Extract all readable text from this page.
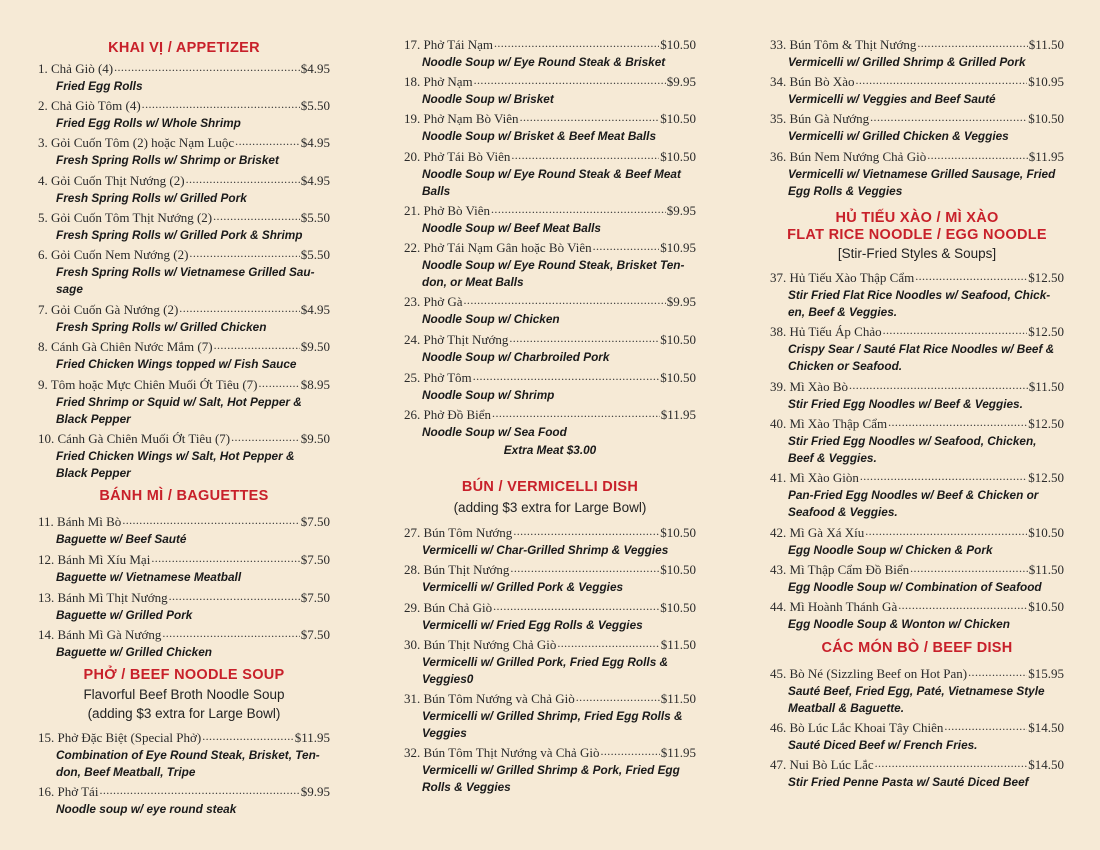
KHAI VỊ / APPETIZER
1. Chả Giò (4) .....	$4.95
Fried Egg Rolls
2. Chả Giò Tôm (4) .....	$5.50
Fried Egg Rolls w/ Whole Shrimp
3. Gỏi Cuốn Tôm (2) hoặc Nạm Luộc .....	$4.95
Fresh Spring Rolls w/ Shrimp or Brisket
4. Gỏi Cuốn Thịt Nướng (2) .....	$4.95
Fresh Spring Rolls w/ Grilled Pork
5. Gỏi Cuốn Tôm Thịt Nướng (2) .....	$5.50
Fresh Spring Rolls w/ Grilled Pork & Shrimp
6. Gỏi Cuốn Nem Nướng (2) .....	$5.50
Fresh Spring Rolls w/ Vietnamese Grilled Sau-
sage
7. Gỏi Cuốn Gà Nướng (2) .....	$4.95
Fresh Spring Rolls w/ Grilled Chicken
8. Cánh Gà Chiên Nước Mắm (7) .....	$9.50
Fried Chicken Wings topped w/ Fish Sauce
9. Tôm hoặc Mực Chiên Muối Ớt Tiêu (7) .....	$8.95
Fried Shrimp or Squid w/ Salt, Hot Pepper &
Black Pepper
10. Cánh Gà Chiên Muối Ớt Tiêu (7) .....	$9.50
Fried Chicken Wings w/ Salt, Hot Pepper &
Black Pepper
BÁNH MÌ / BAGUETTES
11. Bánh Mì Bò .....	$7.50
Baguette w/ Beef Sauté
12. Bánh Mì Xíu Mại .....	$7.50
Baguette w/ Vietnamese Meatball
13. Bánh Mì Thịt Nướng .....	$7.50
Baguette w/ Grilled Pork
14. Bánh Mì Gà Nướng .....	$7.50
Baguette w/ Grilled Chicken
PHỞ / BEEF NOODLE SOUP
Flavorful Beef Broth Noodle Soup
(adding $3 extra for Large Bowl)
15. Phở Đặc Biệt (Special Phở) .....	$11.95
Combination of Eye Round Steak, Brisket, Ten-
don, Beef Meatball, Tripe
16. Phở Tái .....	$9.95
Noodle soup w/ eye round steak
17. Phở Tái Nạm .....	$10.50
Noodle Soup w/ Eye Round Steak & Brisket
18. Phở Nạm .....	$9.95
Noodle Soup w/ Brisket
19. Phở Nạm Bò Viên .....	$10.50
Noodle Soup w/ Brisket & Beef Meat Balls
20. Phở Tái Bò Viên .....	$10.50
Noodle Soup w/ Eye Round Steak & Beef Meat
Balls
21. Phở Bò Viên .....	$9.95
Noodle Soup w/ Beef Meat Balls
22. Phở Tái Nạm Gân hoặc Bò Viên .....	$10.95
Noodle Soup w/ Eye Round Steak, Brisket Ten-
don, or Meat Balls
23. Phở Gà .....	$9.95
Noodle Soup w/ Chicken
24. Phở Thịt Nướng .....	$10.50
Noodle Soup w/ Charbroiled Pork
25. Phở Tôm .....	$10.50
Noodle Soup w/ Shrimp
26. Phở Đồ Biển .....	$11.95
Noodle Soup w/ Sea Food
Extra Meat $3.00
BÚN / VERMICELLI DISH
(adding $3 extra for Large Bowl)
27. Bún Tôm Nướng .....	$10.50
Vermicelli w/ Char-Grilled Shrimp & Veggies
28. Bún Thịt Nướng .....	$10.50
Vermicelli w/ Grilled Pork & Veggies
29. Bún Chả Giò .....	$10.50
Vermicelli w/ Fried Egg Rolls & Veggies
30. Bún Thịt Nướng Chả Giò .....	$11.50
Vermicelli w/ Grilled Pork, Fried Egg Rolls &
Veggies0
31. Bún Tôm Nướng và Chả Giò .....	$11.50
Vermicelli w/ Grilled Shrimp, Fried Egg Rolls &
Veggies
32. Bún Tôm Thịt Nướng và Chả Giò .....	$11.95
Vermicelli w/ Grilled Shrimp & Pork, Fried Egg
Rolls & Veggies
33. Bún Tôm & Thịt Nướng .....	$11.50
Vermicelli w/ Grilled Shrimp & Grilled Pork
34. Bún Bò Xào .....	$10.95
Vermicelli w/ Veggies and Beef Sauté
35. Bún Gà Nướng .....	$10.50
Vermicelli w/ Grilled Chicken & Veggies
36. Bún Nem Nướng Chả Giò .....	$11.95
Vermicelli w/ Vietnamese Grilled Sausage, Fried
Egg Rolls & Veggies
HỦ TIẾU XÀO / MÌ XÀO
FLAT RICE NOODLE / EGG NOODLE
[Stir-Fried Styles & Soups]
37. Hủ Tiếu Xào Thập Cẩm .....	$12.50
Stir Fried Flat Rice Noodles w/ Seafood, Chick-
en, Beef & Veggies.
38. Hủ Tiếu Áp Chảo .....	$12.50
Crispy Sear / Sauté Flat Rice Noodles w/ Beef &
Chicken or Seafood.
39. Mì Xào Bò .....	$11.50
Stir Fried Egg Noodles w/ Beef & Veggies.
40. Mì Xào Thập Cẩm .....	$12.50
Stir Fried Egg Noodles w/ Seafood, Chicken,
Beef & Veggies.
41. Mì Xào Giòn .....	$12.50
Pan-Fried Egg Noodles w/ Beef & Chicken or
Seafood & Veggies.
42. Mì Gà Xá Xíu .....	$10.50
Egg Noodle Soup w/ Chicken & Pork
43. Mì Thập Cẩm Đồ Biển .....	$11.50
Egg Noodle Soup w/ Combination of Seafood
44. Mì Hoành Thánh Gà .....	$10.50
Egg Noodle Soup & Wonton w/ Chicken
CÁC MÓN BÒ / BEEF DISH
45. Bò Né (Sizzling Beef on Hot Pan) .....	$15.95
Sauté Beef, Fried Egg, Paté, Vietnamese Style
Meatball & Baguette.
46. Bò Lúc Lắc Khoai Tây Chiên .....	$14.50
Sauté Diced Beef w/ French Fries.
47. Nui Bò Lúc Lắc .....	$14.50
Stir Fried Penne Pasta w/ Sauté Diced Beef
